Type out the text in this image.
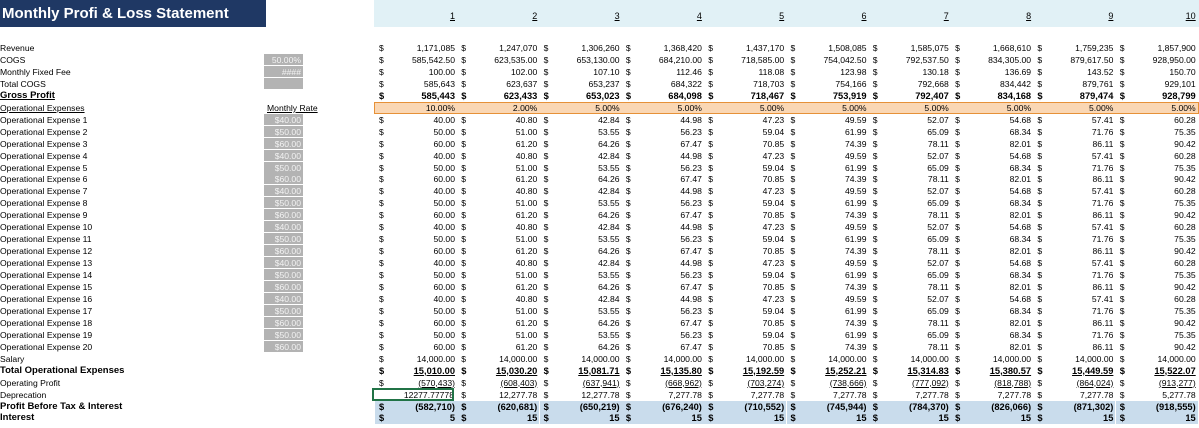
Monthly Profi & Loss Statement	1	2	3	4	5	6	7	8	9	10
Revenue	$	1,171,085 $	1,247,070 $	1,306,260 $	1,368,420 $	1,437,170 $	1,508,085 $	1,585,075 $	1,668,610 $	1,759,235 $	1,857,900
COGS	50.00%	$	585,542.50 $	623,535.00 $	653,130.00 $	684,210.00 $	718,585.00 $	754,042.50 $	792,537.50 $	834,305.00 $	879,617.50 $	928,950.00
Monthly Fixed Fee	####	$	100.00 $	102.00 $	107.10 $	112.46 $	118.08 $	123.98 $	130.18 $	136.69 $	143.52 $	150.70
Total COGS	$	585,643 $	623,637 $	653,237 $	684,322 $	718,703 $	754,166 $	792,668 $	834,442 $	879,761 $	929,101
Gross Profit	$	585,443 $	623,433 $	653,023 $	684,098 $	718,467 $	753,919 $	792,407 $	834,168 $	879,474 $	928,799
Operational Expenses	Monthly Rate	10.00%	2.00%	5.00%	5.00%	5.00%	5.00%	5.00%	5.00%	5.00%	5.00%
Operational Expense 1	$40.00	$	40.00 $	40.80 $	42.84 $	44.98 $	47.23 $	49.59 $	52.07 $	54.68 $	57.41 $	60.28
Operational Expense 2	$50.00	$	50.00 $	51.00 $	53.55 $	56.23 $	59.04 $	61.99 $	65.09 $	68.34 $	71.76 $	75.35
Operational Expense 3	$60.00	$	60.00 $	61.20 $	64.26 $	67.47 $	70.85 $	74.39 $	78.11 $	82.01 $	86.11 $	90.42
Operational Expense 4	$40.00	$	40.00 $	40.80 $	42.84 $	44.98 $	47.23 $	49.59 $	52.07 $	54.68 $	57.41 $	60.28
Operational Expense 5	$50.00	$	50.00 $	51.00 $	53.55 $	56.23 $	59.04 $	61.99 $	65.09 $	68.34 $	71.76 $	75.35
Operational Expense 6	$60.00	$	60.00 $	61.20 $	64.26 $	67.47 $	70.85 $	74.39 $	78.11 $	82.01 $	86.11 $	90.42
Operational Expense 7	$40.00	$	40.00 $	40.80 $	42.84 $	44.98 $	47.23 $	49.59 $	52.07 $	54.68 $	57.41 $	60.28
Operational Expense 8	$50.00	$	50.00 $	51.00 $	53.55 $	56.23 $	59.04 $	61.99 $	65.09 $	68.34 $	71.76 $	75.35
Operational Expense 9	$60.00	$	60.00 $	61.20 $	64.26 $	67.47 $	70.85 $	74.39 $	78.11 $	82.01 $	86.11 $	90.42
Operational Expense 10	$40.00	$	40.00 $	40.80 $	42.84 $	44.98 $	47.23 $	49.59 $	52.07 $	54.68 $	57.41 $	60.28
Operational Expense 11	$50.00	$	50.00 $	51.00 $	53.55 $	56.23 $	59.04 $	61.99 $	65.09 $	68.34 $	71.76 $	75.35
Operational Expense 12	$60.00	$	60.00 $	61.20 $	64.26 $	67.47 $	70.85 $	74.39 $	78.11 $	82.01 $	86.11 $	90.42
Operational Expense 13	$40.00	$	40.00 $	40.80 $	42.84 $	44.98 $	47.23 $	49.59 $	52.07 $	54.68 $	57.41 $	60.28
Operational Expense 14	$50.00	$	50.00 $	51.00 $	53.55 $	56.23 $	59.04 $	61.99 $	65.09 $	68.34 $	71.76 $	75.35
Operational Expense 15	$60.00	$	60.00 $	61.20 $	64.26 $	67.47 $	70.85 $	74.39 $	78.11 $	82.01 $	86.11 $	90.42
Operational Expense 16	$40.00	$	40.00 $	40.80 $	42.84 $	44.98 $	47.23 $	49.59 $	52.07 $	54.68 $	57.41 $	60.28
Operational Expense 17	$50.00	$	50.00 $	51.00 $	53.55 $	56.23 $	59.04 $	61.99 $	65.09 $	68.34 $	71.76 $	75.35
Operational Expense 18	$60.00	$	60.00 $	61.20 $	64.26 $	67.47 $	70.85 $	74.39 $	78.11 $	82.01 $	86.11 $	90.42
Operational Expense 19	$50.00	$	50.00 $	51.00 $	53.55 $	56.23 $	59.04 $	61.99 $	65.09 $	68.34 $	71.76 $	75.35
Operational Expense 20	$60.00	$	60.00 $	61.20 $	64.26 $	67.47 $	70.85 $	74.39 $	78.11 $	82.01 $	86.11 $	90.42
Salary	$	14,000.00 $	14,000.00 $	14,000.00 $	14,000.00 $	14,000.00 $	14,000.00 $	14,000.00 $	14,000.00 $	14,000.00 $	14,000.00
Total Operational Expenses	$	15,010.00 $	15,030.20 $	15,081.71 $	15,135.80 $	15,192.59 $	15,252.21 $	15,314.83 $	15,380.57 $	15,449.59 $	15,522.07
Operating Profit	$	(570,433) $	(608,403) $	(637,941) $	(668,962) $	(703,274) $	(738,666) $	(777,092) $	(818,788) $	(864,024) $	(913,277)
Deprecation	12277.77778 $	12,277.78 $	12,277.78 $	7,277.78 $	7,277.78 $	7,277.78 $	7,277.78 $	7,277.78 $	7,277.78 $	5,277.78
Profit Before Tax & Interest	$	(582,710) $	(620,681) $	(650,219) $	(676,240) $	(710,552) $	(745,944) $	(784,370) $	(826,066) $	(871,302) $	(918,555)
Interest	$	5 $	15 $	15 $	15 $	15 $	15 $	15 $	15 $	15 $	15
